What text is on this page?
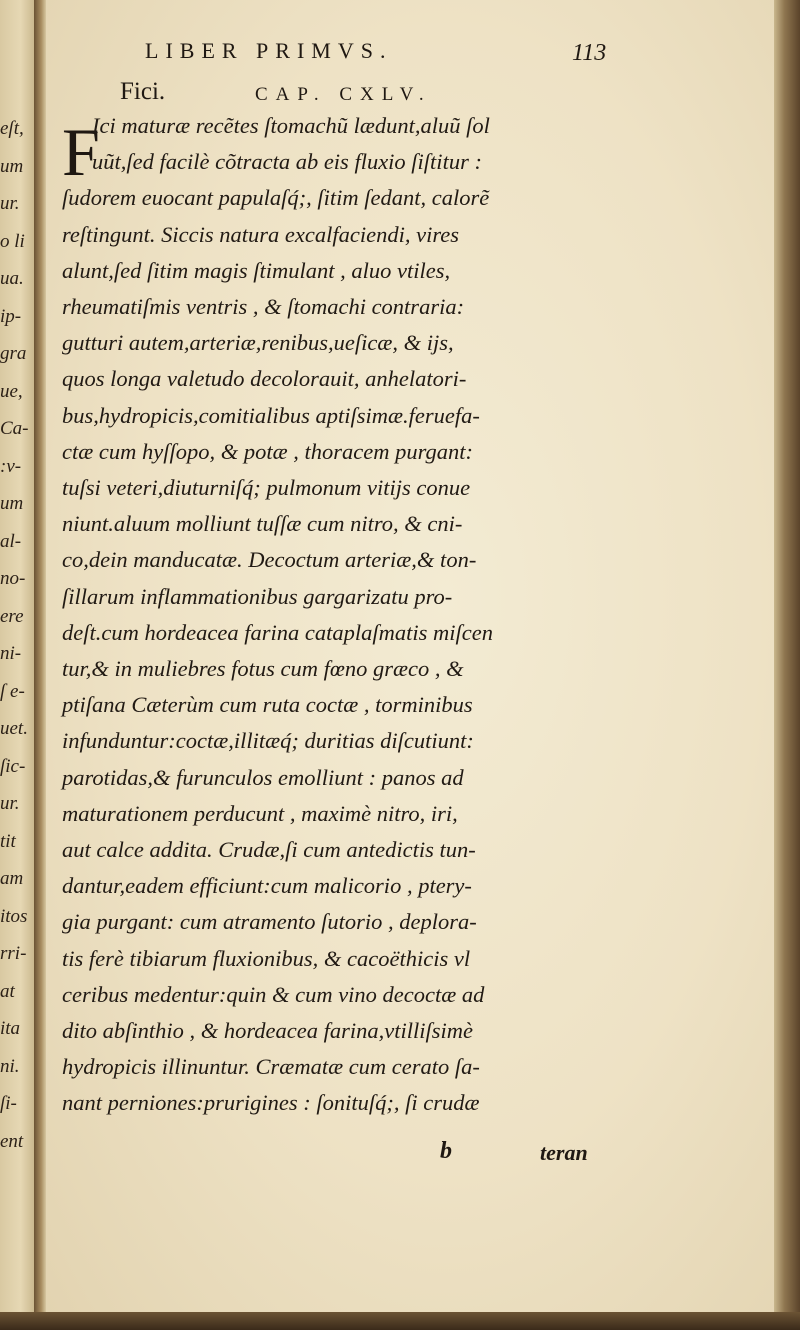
eſt,
um
ur.
o li
ua.
ip-
gra
ue,
Ca-
:v-
um
al-
no-
ere
ni-
ſ e-
uet.
ſic-
ur.
tit
am
itos
rri-
at
ita
ni.
ſi-
ent
LIBER PRIMVS.	113
Fici.	CAP. CXLV.
F
Ici maturæ recẽtes ſtomachũ lædunt,aluũ ſol
uũt,ſed facilè cõtracta ab eis fluxio ſiſtitur :
ſudorem euocant papulaſq́;, ſitim ſedant, calorẽ
reſtingunt. Siccis natura excalfaciendi, vires
alunt,ſed ſitim magis ſtimulant , aluo vtiles,
rheumatiſmis ventris , & ſtomachi contraria:
gutturi autem,arteriæ,renibus,ueſicæ, & ijs,
quos longa valetudo decolorauit, anhelatori-
bus,hydropicis,comitialibus aptiſsimæ.feruefa-
ctæ cum hyſſopo, & potæ , thoracem purgant:
tuſsi veteri,diuturniſq́; pulmonum vitijs conue
niunt.aluum molliunt tuſſæ cum nitro, & cni-
co,dein manducatæ. Decoctum arteriæ,& ton-
ſillarum inflammationibus gargarizatu pro-
deſt.cum hordeacea farina cataplaſmatis miſcen
tur,& in muliebres fotus cum fœno græco , &
ptiſana Cæterùm cum ruta coctæ , torminibus
infunduntur:coctæ,illitæq́; duritias diſcutiunt:
parotidas,& furunculos emolliunt : panos ad
maturationem perducunt , maximè nitro, iri,
aut calce addita. Crudæ,ſi cum antedictis tun-
dantur,eadem efficiunt:cum malicorio , ptery-
gia purgant: cum atramento ſutorio , deplora-
tis ferè tibiarum fluxionibus, & cacoëthicis vl
ceribus medentur:quin & cum vino decoctæ ad
dito abſinthio , & hordeacea farina,vtilliſsimè
hydropicis illinuntur. Cræmatæ cum cerato ſa-
nant perniones:prurigines : ſonituſq́;, ſi crudæ
b	teran
